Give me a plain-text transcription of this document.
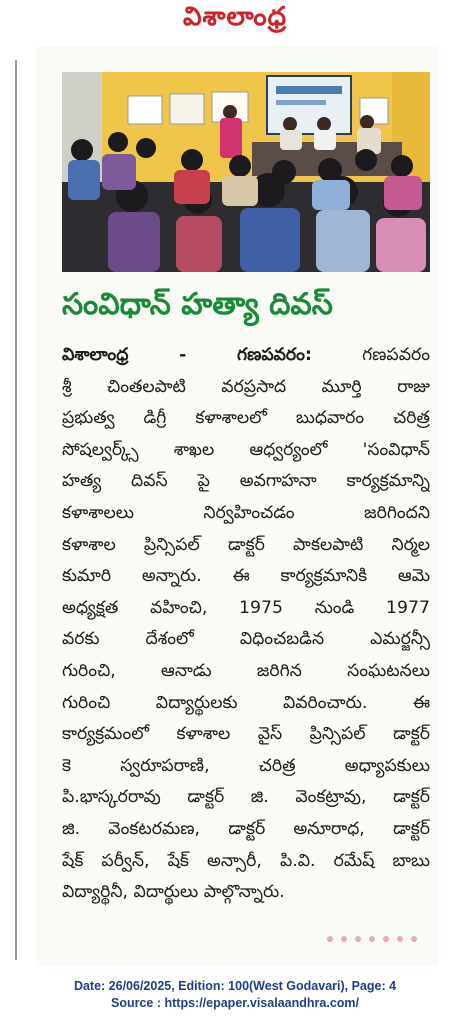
విశాలాంధ్ర
సంవిధాన్ హత్యా దివస్
విశాలాంధ్ర - గణపవరం:	గణపవరం
శ్రీ చింతలపాటి వరప్రసాద మూర్తి రాజు
ప్రభుత్వ డిగ్రీ కళాశాలలో బుధవారం చరిత్ర
సోషల్వర్క్స్ శాఖల ఆధ్వర్యంలో 'సంవిధాన్
హత్య దివస్ పై అవగాహనా కార్యక్రమాన్ని
కళాశాలలు నిర్వహించడం జరిగిందని
కళాశాల ప్రిన్సిపల్ డాక్టర్ పాకలపాటి నిర్మల
కుమారి అన్నారు. ఈ కార్యక్రమానికి ఆమె
అధ్యక్షత వహించి, 1975 నుండి 1977
వరకు దేశంలో విధించబడిన ఎమర్జన్సీ
గురించి, ఆనాడు జరిగిన సంఘటనలు
గురించి విద్యార్థులకు వివరించారు. ఈ
కార్యక్రమంలో కళాశాల వైస్ ప్రిన్సిపల్ డాక్టర్
కె స్వరూపరాణి, చరిత్ర అధ్యాపకులు
పి.భాస్కరరావు డాక్టర్ జి. వెంకట్రావు, డాక్టర్
జి. వెంకటరమణ, డాక్టర్ అనూరాధ, డాక్టర్
షేక్ పర్వీన్, షేక్ అన్సారీ, పి.వి. రమేష్ బాబు
విద్యార్థినీ, విదార్థులు పాల్గొన్నారు.
Date: 26/06/2025, Edition: 100(West Godavari), Page: 4
Source : https://epaper.visalaandhra.com/
